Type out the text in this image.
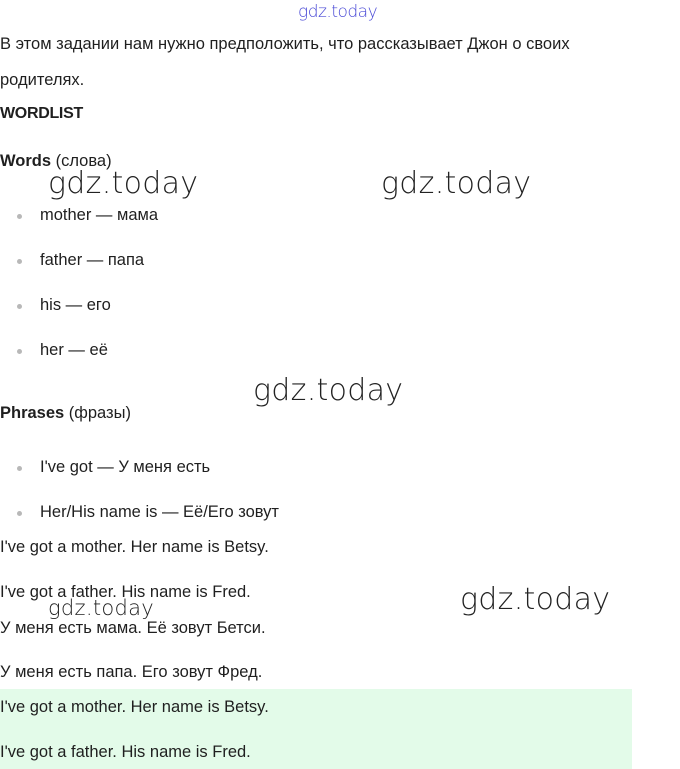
gdz.today
В этом задании нам нужно предположить, что рассказывает Джон о своих
родителях.
WORDLIST
Words (слова)
gdz.today	gdz.today
mother — мама
father — папа
his — его
her — её
gdz.today
Phrases (фразы)
I've got — У меня есть
Her/His name is — Её/Его зовут
I've got a mother. Her name is Betsy.
I've got a father. His name is Fred.
gdz.today	gdz.today
У меня есть мама. Её зовут Бетси.
У меня есть папа. Его зовут Фред.
I've got a mother. Her name is Betsy.
I've got a father. His name is Fred.
